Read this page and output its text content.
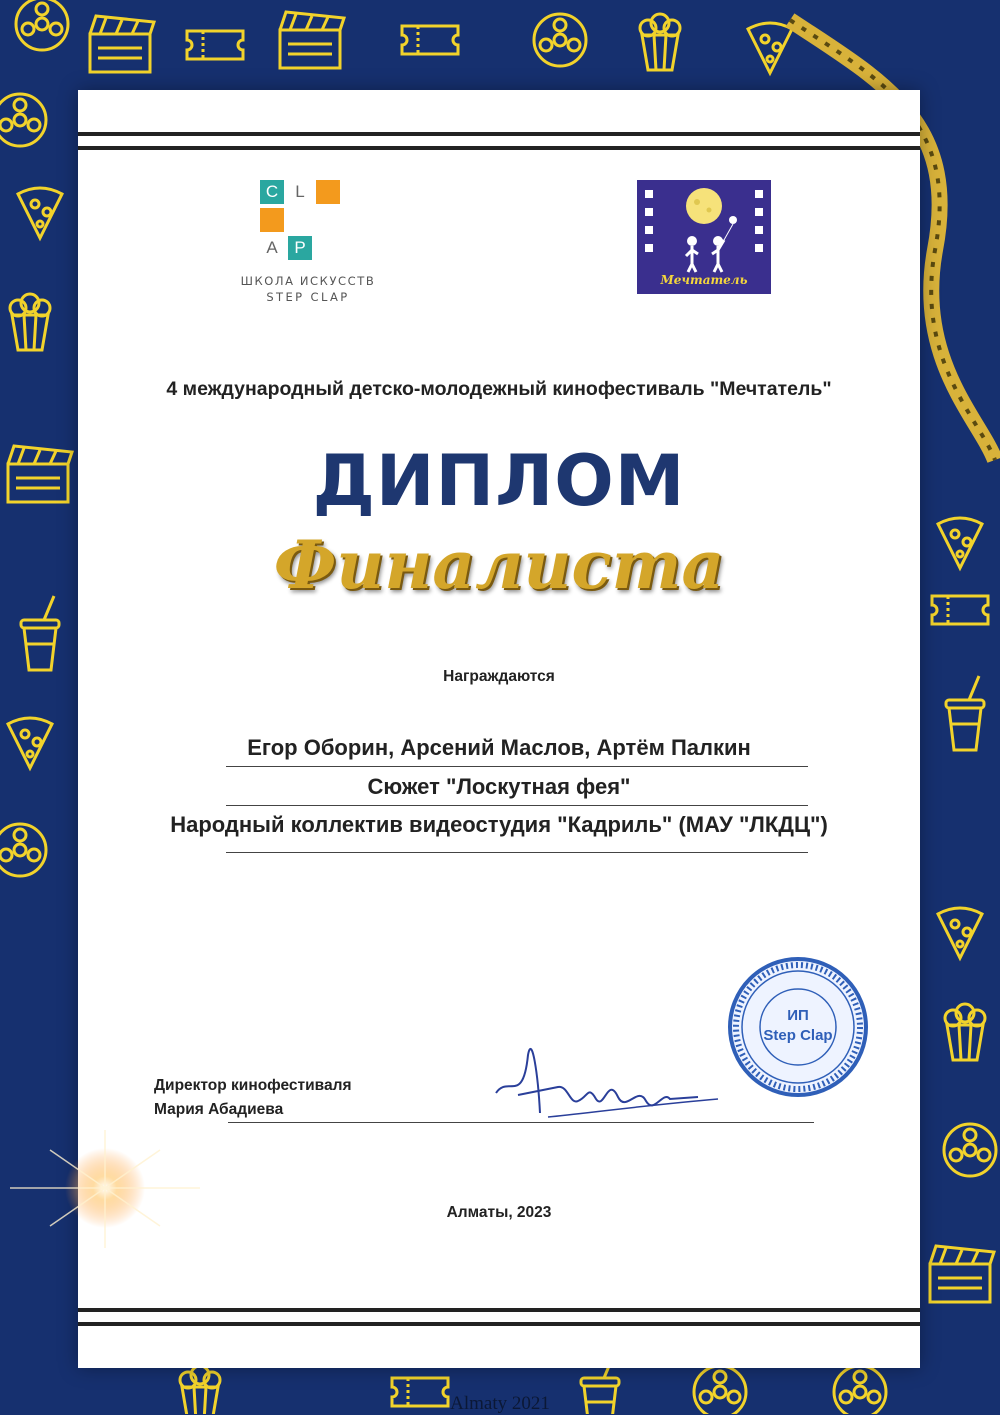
C	L
A P
ШКОЛА ИСКУССТВ
STEP CLAP
Мечтатель
4 международный детско-молодежный кинофестиваль "Мечтатель"
ДИПЛОМ
Финалиста
Награждаются
Егор Оборин, Арсений Маслов, Артём Палкин
Сюжет "Лоскутная фея"
Народный коллектив видеостудия "Кадриль" (МАУ "ЛКДЦ")
ИП
Step Clap
Директор кинофестиваля
Мария Абадиева
Алматы, 2023
Almaty 2021
